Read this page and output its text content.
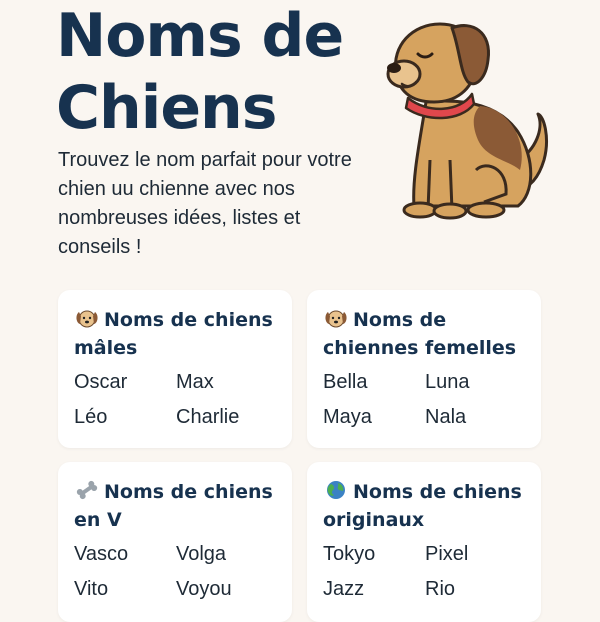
Noms de
Chiens

Trouvez le nom parfait pour votre chien uu chienne avec nos nombreuses idées, listes et conseils !

Noms de chiens mâles
Oscar	Max
Léo	Charlie
Noms de chiennes femelles
Bella	Luna
Maya	Nala
Noms de chiens en V
Vasco	Volga
Vito	Voyou
Noms de chiens originaux
Tokyo	Pixel
Jazz	Rio
